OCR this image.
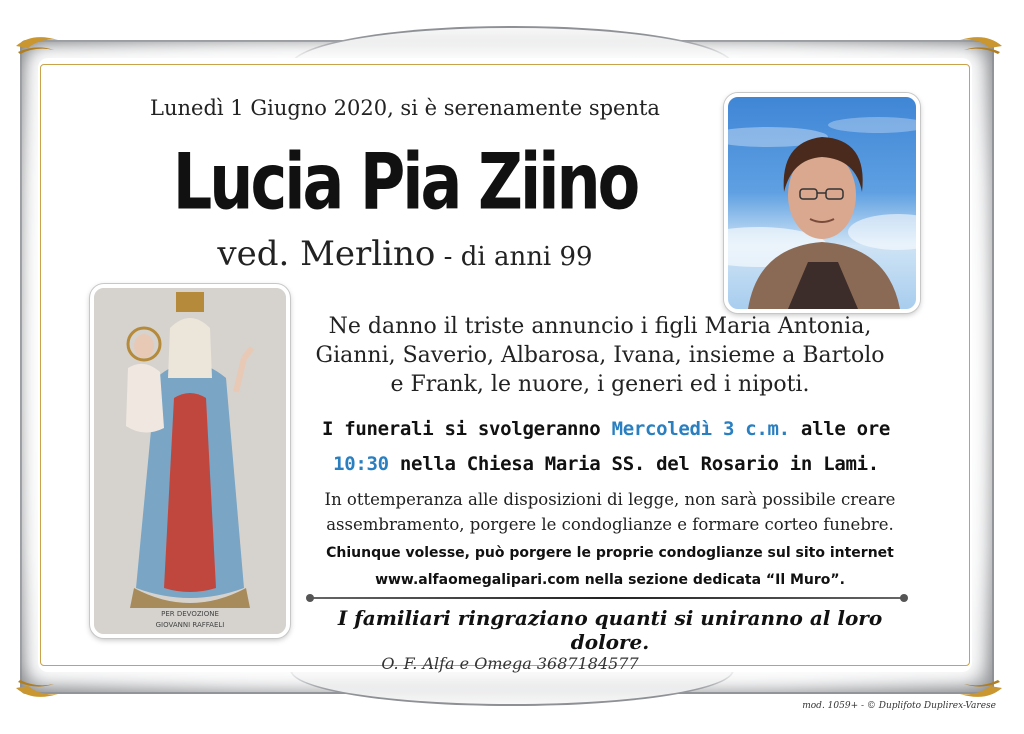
Lunedì 1 Giugno 2020, si è serenamente spenta
Lucia Pia Ziino
ved. Merlino - di anni 99
PER DEVOZIONE
GIOVANNI RAFFAELI
Ne danno il triste annuncio i figli Maria Antonia,
Gianni, Saverio, Albarosa, Ivana, insieme a Bartolo
e Frank, le nuore, i generi ed i nipoti.
I funerali si svolgeranno Mercoledì 3 c.m. alle ore
10:30 nella Chiesa Maria SS. del Rosario in Lami.
In ottemperanza alle disposizioni di legge, non sarà possibile creare
assembramento, porgere le condoglianze e formare corteo funebre.
Chiunque volesse, può porgere le proprie condoglianze sul sito internet
www.alfaomegalipari.com nella sezione dedicata “Il Muro”.
I familiari ringraziano quanti si uniranno al loro dolore.
O. F. Alfa e Omega 3687184577
mod. 1059+ - © Duplifoto Duplirex-Varese
